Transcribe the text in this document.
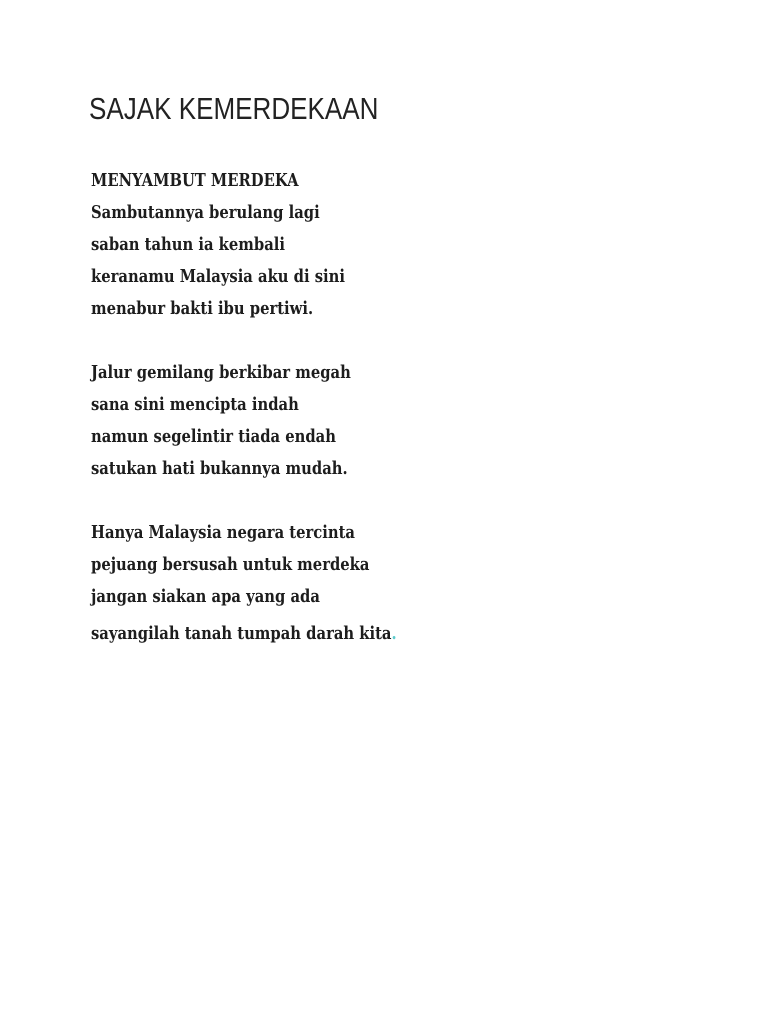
SAJAK KEMERDEKAAN
MENYAMBUT MERDEKA
Sambutannya berulang lagi
saban tahun ia kembali
keranamu Malaysia aku di sini
menabur bakti ibu pertiwi.
Jalur gemilang berkibar megah
sana sini mencipta indah
namun segelintir tiada endah
satukan hati bukannya mudah.
Hanya Malaysia negara tercinta
pejuang bersusah untuk merdeka
jangan siakan apa yang ada
sayangilah tanah tumpah darah kita.
